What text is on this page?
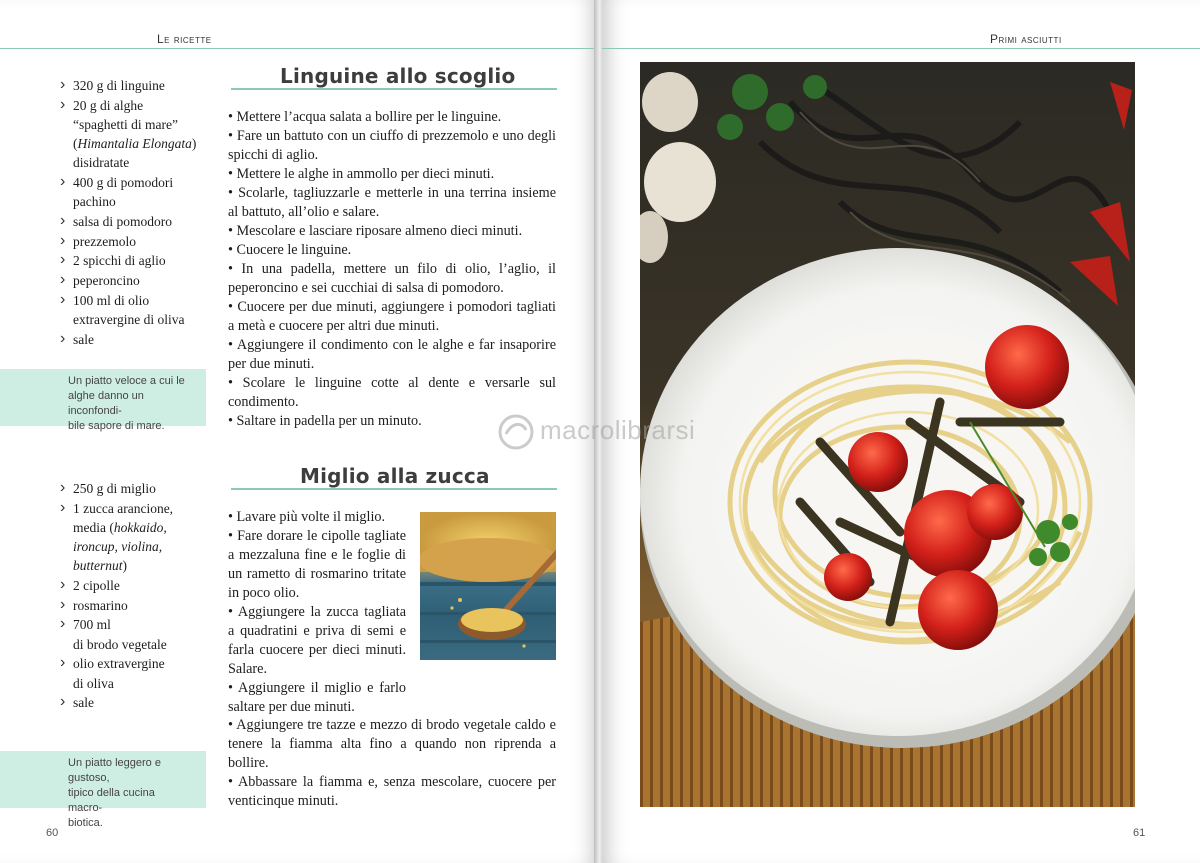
Le ricette
› 320 g di linguine
› 20 g di alghe
“spaghetti di mare”
(Himantalia Elongata)
disidratate
› 400 g di pomodori
pachino
› salsa di pomodoro
› prezzemolo
› 2 spicchi di aglio
› peperoncino
› 100 ml di olio
extravergine di oliva
› sale
Un piatto veloce a cui le
alghe danno un inconfondi-
bile sapore di mare.
Linguine allo scoglio
• Mettere l’acqua salata a bollire per le linguine.
• Fare un battuto con un ciuffo di prezzemolo e uno degli spicchi di aglio.
• Mettere le alghe in ammollo per dieci minuti.
• Scolarle, tagliuzzarle e metterle in una terrina insieme al battuto, all’olio e salare.
• Mescolare e lasciare riposare almeno dieci minuti.
• Cuocere le linguine.
• In una padella, mettere un filo di olio, l’aglio, il peperoncino e sei cucchiai di salsa di pomodoro.
• Cuocere per due minuti, aggiungere i pomodori tagliati a metà e cuocere per altri due minuti.
• Aggiungere il condimento con le alghe e far insaporire per due minuti.
• Scolare le linguine cotte al dente e versarle sul condimento.
• Saltare in padella per un minuto.
› 250 g di miglio
› 1 zucca arancione,
media (hokkaido,
ironcup, violina,
butternut)
› 2 cipolle
› rosmarino
› 700 ml
di brodo vegetale
› olio extravergine
di oliva
› sale
Un piatto leggero e gustoso,
tipico della cucina macro-
biotica.
Miglio alla zucca
• Lavare più volte il miglio.
• Fare dorare le cipolle tagliate a mezzaluna fine e le foglie di un rametto di rosmarino tritate in poco olio.
• Aggiungere la zucca tagliata a quadratini e priva di semi e farla cuocere per dieci minuti. Salare.
• Aggiungere il miglio e farlo saltare per due minuti.
• Aggiungere tre tazze e mezzo di brodo vegetale caldo e tenere la fiamma alta fino a quando non riprenda a bollire.
• Abbassare la fiamma e, senza mescolare, cuocere per venticinque minuti.
60
Primi asciutti
61
macrolibrarsi
